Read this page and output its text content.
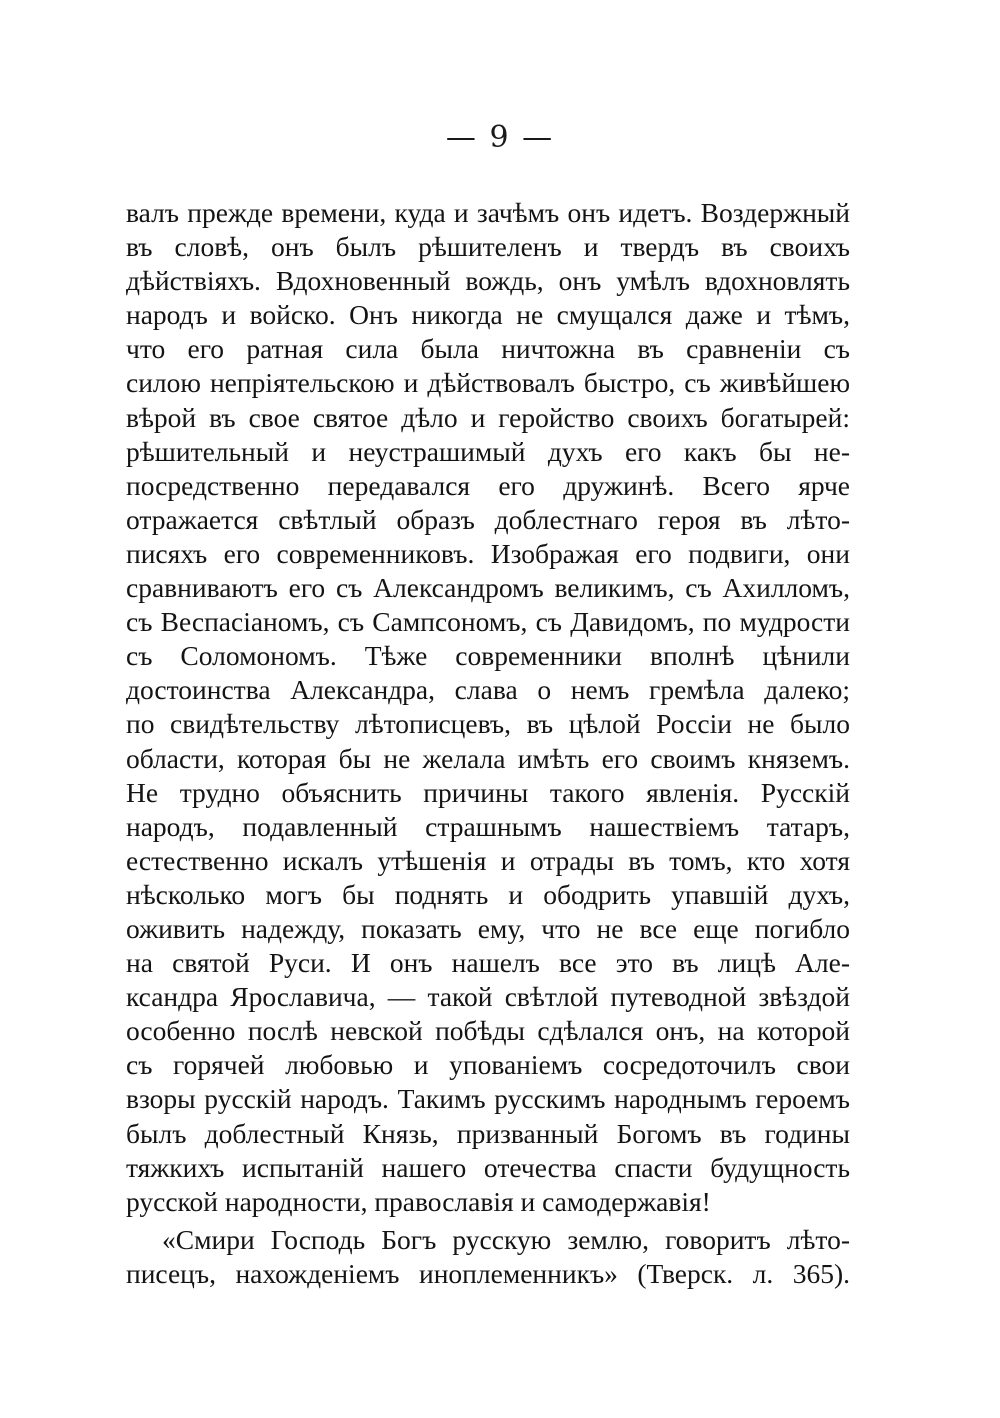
— 9 —
валъ прежде времени, куда и зачѣмъ онъ идетъ. Воздержный
въ словѣ, онъ былъ рѣшителенъ и твердъ въ своихъ
дѣйствiяхъ. Вдохновенный вождь, онъ умѣлъ вдохновлять
народъ и войско. Онъ никогда не смущался даже и тѣмъ,
что его ратная сила была ничтожна въ сравненiи съ
силою непрiятельскою и дѣйствовалъ быстро, съ живѣйшею
вѣрой въ свое святое дѣло и геройство своихъ богатырей:
рѣшительный и неустрашимый духъ его какъ бы не-
посредственно передавался его дружинѣ. Всего ярче
отражается свѣтлый образъ доблестнаго героя въ лѣто-
писяхъ его современниковъ. Изображая его подвиги, они
сравниваютъ его съ Александромъ великимъ, съ Ахилломъ,
съ Веспасiаномъ, съ Сампсономъ, съ Давидомъ, по мудрости
съ Соломономъ. Тѣже современники вполнѣ цѣнили
достоинства Александра, слава о немъ гремѣла далеко;
по свидѣтельству лѣтописцевъ, въ цѣлой Россiи не было
области, которая бы не желала имѣть его своимъ княземъ.
Не трудно объяснить причины такого явленiя. Русскiй
народъ, подавленный страшнымъ нашествiемъ татаръ,
естественно искалъ утѣшенiя и отрады въ томъ, кто хотя
нѣсколько могъ бы поднять и ободрить упавшiй духъ,
оживить надежду, показать ему, что не все еще погибло
на святой Руси. И онъ нашелъ все это въ лицѣ Але-
ксандра Ярославича, — такой свѣтлой путеводной звѣздой
особенно послѣ невской побѣды сдѣлался онъ, на которой
съ горячей любовью и упованiемъ сосредоточилъ свои
взоры русскiй народъ. Такимъ русскимъ народнымъ героемъ
былъ доблестный Князь, призванный Богомъ въ годины
тяжкихъ испытанiй нашего отечества спасти будущность
русской народности, православiя и самодержавiя!
«Смири Господь Богъ русскую землю, говоритъ лѣто-
писецъ, нахожденiемъ иноплеменникъ» (Тверск. л. 365).
